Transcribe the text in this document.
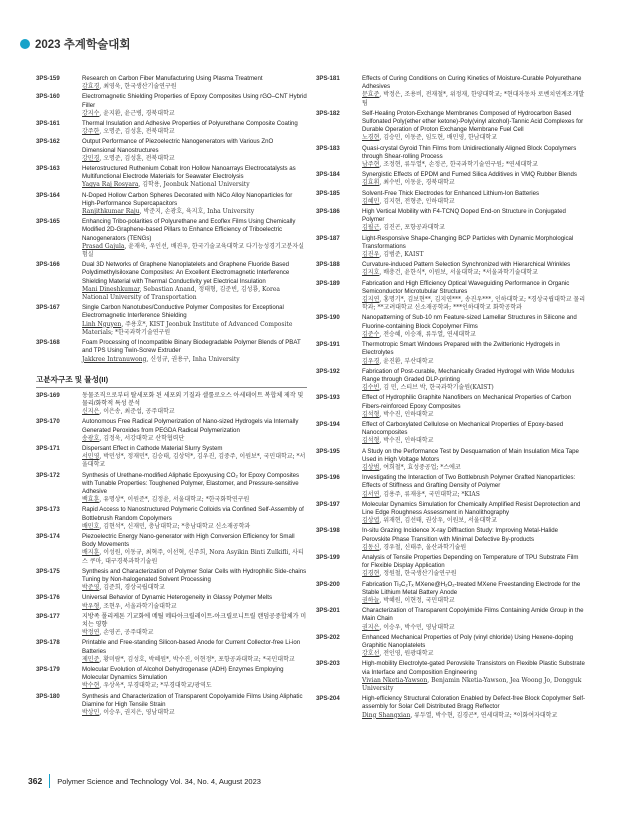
2023 추계학술대회
3PS-159	Research on Carbon Fiber Manufacturing Using Plasma Treatment
감효경, 최영욱, 한국생산기술연구원
3PS-160	Electromagnetic Shielding Properties of Epoxy Composites Using rGO–CNT Hybrid Filler
강지수, 윤지환, 윤근병, 경북대학교
3PS-161	Thermal Insulation and Adhesive Properties of Polyurethane Composite Coating
강주한, 오명준, 김성훈, 전북대학교
3PS-162	Output Performance of Piezoelectric Nanogenerators with Various ZnO Dimensional Nanostructures
강민경, 오명준, 김성훈, 전북대학교
3PS-163	Heterostructured Ruthenium Cobalt Iron Hollow Nanoarrays Electrocatalysts as Multifunctional Electrode Materials for Seawater Electrolysis
Yagya Raj Rosyara, 김학용, Jeonbuk National University
3PS-164	N-Doped Hollow Carbon Spheres Decorated with NiCo Alloy Nanoparticles for High-Performance Supercapacitors
Ranjithkumar Raju, 박준지, 손광호, 육지호, Inha University
3PS-165	Enhancing Tribo-polarities of Polyurethane and Ecoflex Films Using Chemically Modified 2D-Graphene-based Pillars to Enhance Efficiency of Triboelectric Nanogenerators (TENGs)
Prasad Gajula, 윤재욱, 우인선, 배진우, 한국기술교육대학교 다기능성경기고분자실험실
3PS-166	Dual 3D Networks of Graphene Nanoplatelets and Graphene Fluoride Based Polydimethylsiloxane Composites: An Excellent Electromagnetic Interference Shielding Material with Thermal Conductivity yet Electrical Insulation
Mani Dineshkumar, Sebastian Anand, 정태형, 김준빈, 김성룡, Korea National University of Transportation
3PS-167	Single Carbon Nanotubes/Conductive Polymer Composites for Exceptional Electromagnetic Interference Shielding
Linh Nguyen, 주용호*, KIST Jeonbuk Institute of Advanced Composite Materials; *한국과학기술연구원
3PS-168	Foam Processing of Incompatible Binary Biodegradable Polymer Blends of PBAT and TPS Using Twin-Screw Extruder
Jakkree Intranuwong, 신성규, 권용구, Inha University
고분자구조 및 물성(II)
3PS-169	동물조직으로부터 탈세포화 된 세포외 기질과 셀룰로오스 아세테이트 복합체 제작 및 물리/화학적 특성 분석
신지은, 이은송, 최준섭, 공주대학교
3PS-170	Autonomous Free Radical Polymerization of Nano-sized Hydrogels via Internally Generated Peroxides from PEGDA Radical Polymerization
송광호, 김정욱, 서강대학교 산학협력단
3PS-171	Dispersant Effect in Cathode Material Slurry System
서민영, 박민성*, 정재민*, 김승태, 김상덕*, 김우진, 김중주, 이원보*, 국민대학교; *서울대학교
3PS-172	Synthesis of Urethane-modified Aliphatic Epoxyusing CO₂ for Epoxy Composites with Tunable Properties: Toughened Polymer, Elastomer, and Pressure-sensitive Adhesive
백효훈, 유명상*, 이원준*, 김정윤, 서울대학교; *한국화학연구원
3PS-173	Rapid Access to Nanostructured Polymeric Colloids via Confined Self-Assembly of Bottlebrush Random Copolymers
배민호, 김현석*, 신재민, 충남대학교; *충남대학교 신소재공학과
3PS-174	Piezoelectric Energy Nano-generator with High Conversion Efficiency for Small Body Movements
배지훈, 이성원, 이동규, 최혁주, 이선혁, 신주희, Nora Asyikin Binti Zulkifli, 사티스 쿠마, 대구경북과학기술원
3PS-175	Synthesis and Characterization of Polymer Solar Cells with Hydrophilic Side-chains Tuning by Non-halogenated Solvent Processing
박준영, 김준희, 경상국립대학교
3PS-176	Universal Behavior of Dynamic Heterogeneity in Glassy Polymer Melts
박우형, 조현우, 서울과학기술대학교
3PS-177	지방족 폴리케톤 기교화에 메틸 메타아크릴레이트-아크릴로니트릴 랜덤공중합체가 미치는 영향
박정연, 손영곤, 공주대학교
3PS-178	Printable and Free-standing Silicon-based Anode for Current Collector-free Li-ion Batteries
제민준, 황미람*, 김성호, 박혜원*, 박수진, 이현정*, 포항공과대학교; *국민대학교
3PS-179	Molecular Evolution of Alcohol Dehydrogenase (ADH) Enzymes Employing Molecular Dynamics Simulation
박수현, 우상옥*, 부경대학교; *부경대학교/광역도
3PS-180	Synthesis and Characterization of Transparent Copolyamide Films Using Aliphatic Diamine for High Tensile Strain
박상민, 이승우, 권지은, 영남대학교
3PS-181	Effects of Curing Conditions on Curing Kinetics of Moisture-Curable Polyurethane Adhesives
문효준, 박정은, 조용비, 전재철*, 위정재, 한양대학교; *현대자동차 로벤치연계조개발팀
3PS-182	Self-Healing Proton-Exchange Membranes Composed of Hydrocarbon Based Sulfonated Poly(ether ether ketone)-Poly(vinyl alcohol)-Tannic Acid Complexes for Durable Operation of Proton Exchange Membrane Fuel Cell
노경현, 김승민, 이동준, 임도현, 배민영, 한남대학교
3PS-183	Quasi-crystal Gyroid Thin Films from Unidirectionally Aligned Block Copolymers through Shear-rolling Process
남주현, 조정현, 류두열*, 손정곤, 한국과학기술연구원; *연세대학교
3PS-184	Synergistic Effects of EPDM and Fumed Silica Additives in VMQ Rubber Blends
김효휘, 최수빈, 이동윤, 경북대학교
3PS-185	Solvent-Free Thick Electrodes for Enhanced Lithium-Ion Batteries
김혜민, 김지현, 전형준, 인하대학교
3PS-186	High Vertical Mobility with F4-TCNQ Doped End-on Structure in Conjugated Polymer
김필근, 김진곤, 포항공과대학교
3PS-187	Light-Responsive Shape-Changing BCP Particles with Dynamic Morphological Transformations
김진우, 김범준, KAIST
3PS-188	Curvature-induced Pattern Selection Synchronized with Hierarchical Wrinkles
김지호, 배충건, 윤한식*, 이원보, 서울대학교; *서울과학기술대학교
3PS-189	Fabrication and High Efficiency Optical Waveguiding Performance in Organic Semiconductor Microtubular Structures
김지연, 홍명기*, 김보현**, 김지연***, 송진우***, 인하대학교; *경상국립대학교 물리학과; **고려대학교 신소재공학과; ***인하대학교 화학공학과
3PS-190	Nanopatterning of Sub-10 nm Feature-sized Lamellar Structures in Silicone and Fluorine-containing Block Copolymer Films
김준수, 전승혜, 이승재, 류두열, 연세대학교
3PS-191	Thermotropic Smart Windows Prepared with the Zwitterionic Hydrogels in Electrolytes
김우경, 윤진환, 부산대학교
3PS-192	Fabrication of Post-curable, Mechanically Graded Hydrogel with Wide Modulus Range through Graded DLP-printing
김수빈, 김 민, 스티브 박, 한국과학기술원(KAIST)
3PS-193	Effect of Hydrophilic Graphite Nanofibers on Mechanical Properties of Carbon Fibers-reinforced Epoxy Composites
김석형, 박수진, 인하대학교
3PS-194	Effect of Carboxylated Cellulose on Mechanical Properties of Epoxy-based Nanocomposites
김석형, 박수진, 인하대학교
3PS-195	A Study on the Performance Test by Desquamation of Main Insulation Mica Tape Used in High Voltage Motors
김상범, 여희철*, 효성중공업; *스에코
3PS-196	Investigating the Interaction of Two Bottlebrush Polymer Grafted Nanoparticles: Effects of Stiffness and Grafting Density of Polymer
김서연, 김용주, 류재웅*, 국민대학교; *KIAS
3PS-197	Molecular Dynamics Simulation for Chemically Amplified Resist Deprotection and Line Edge Roughness Assessment in Nanolithography
김상엽, 위재현, 김선태, 권상우, 이원보, 서울대학교
3PS-198	In-situ Grazing Incidence X-ray Diffraction Study: Improving Metal-Halide Perovskite Phase Transition with Minimal Defective By-products
김동신, 경우철, 신태주, 울산과학기술원
3PS-199	Analysis of Tensile Properties Depending on Temperature of TPU Substrate Film for Flexible Display Application
김경현, 정원철, 한국생산기술연구원
3PS-200	Fabrication Ti₃C₂Tₓ MXene@H₂O₂-treated MXene Freestanding Electrode for the Stable Lithium Metal Battery Anode
권하늘, 박혜원, 이현정, 국민대학교
3PS-201	Characterization of Transparent Copolyimide Films Containing Amide Group in the Main Chain
권지은, 이승우, 박수민, 영남대학교
3PS-202	Enhanced Mechanical Properties of Poly (vinyl chloride) Using Hexene-doping Graphitic Nanoplatelets
강호선, 전인영, 원광대학교
3PS-203	High-mobility Electrolyte-gated Perovskite Transistors on Flexible Plastic Substrate via Interface and Composition Engineering
Vivian Nketia-Yawson, Benjamin Nketia-Yawson, Jea Woong Jo, Dongguk University
3PS-204	High-efficiency Structural Coloration Enabled by Defect-free Block Copolymer Self-assembly for Solar Cell Distributed Bragg Reflector
Ding Shangxian, 류두열, 박수현, 김경곤*, 연세대학교; *이화여자대학교
362 Polymer Science and Technology Vol. 34, No. 4, August 2023
